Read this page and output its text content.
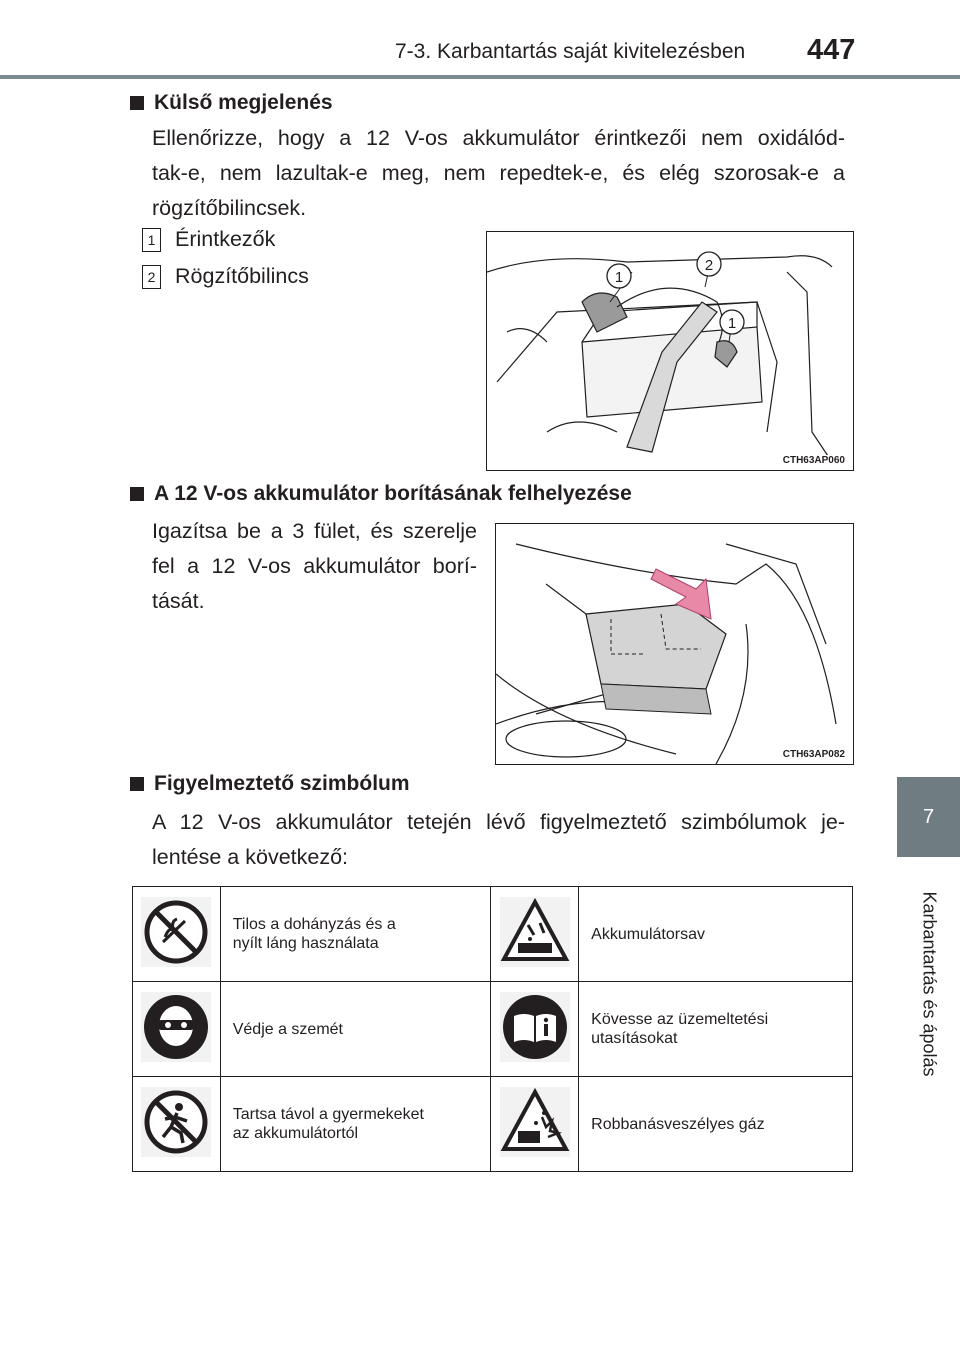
7-3. Karbantartás saját kivitelezésben 447
7
Karbantartás és ápolás
Külső megjelenés
Ellenőrizze, hogy a 12 V-os akkumulátor érintkezői nem oxidálód-
tak-e, nem lazultak-e meg, nem repedtek-e, és elég szorosak-e a
rögzítőbilincsek.
1 Érintkezők
2 Rögzítőbilincs	1
2
1
CTH63AP060
A 12 V-os akkumulátor borításának felhelyezése
Igazítsa be a 3 fület, és szerelje
fel a 12 V-os akkumulátor borí-
tását.
CTH63AP082
Figyelmeztető szimbólum
A 12 V-os akkumulátor tetején lévő figyelmeztető szimbólumok je-
lentése a következő:

Tilos a dohányzás és a
nyílt láng használata		Akkumulátorsav

Védje a szemét		Kövesse az üzemeltetési
utasításokat

Tartsa távol a gyermekeket
az akkumulátortól		Robbanásveszélyes gáz
